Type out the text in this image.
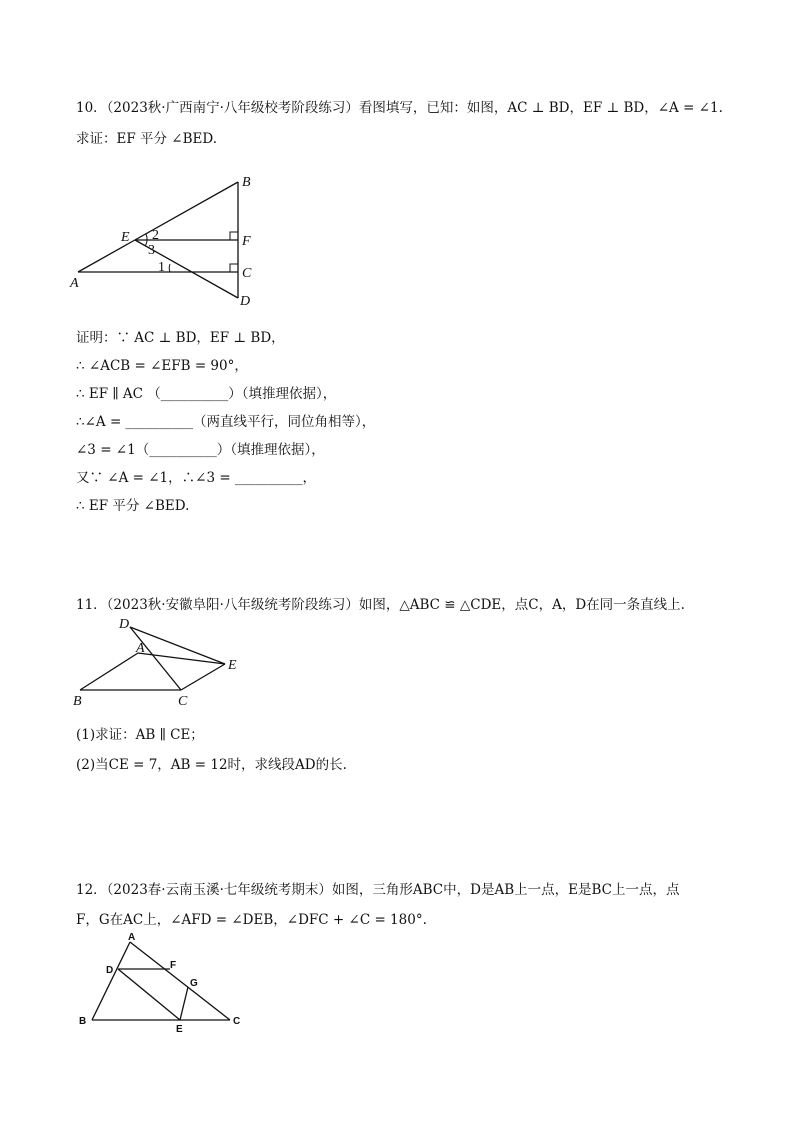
10．（2023秋·广西南宁·八年级校考阶段练习）看图填写，已知：如图，AC ⊥ BD，EF ⊥ BD，∠A = ∠1.
求证：EF 平分 ∠BED.
B
E	F
C
A
D
2
3
1
证明：∵ AC ⊥ BD，EF ⊥ BD，
∴ ∠ACB = ∠EFB = 90°，
∴ EF ∥ AC （__________）（填推理依据），
∴∠A = __________（两直线平行，同位角相等），
∠3 = ∠1（__________）（填推理依据），
又∵ ∠A = ∠1，∴∠3 = __________，
∴ EF 平分 ∠BED.
11．（2023秋·安徽阜阳·八年级统考阶段练习）如图，△ABC ≌ △CDE，点C，A，D在同一条直线上.
D
A
E
B	C
(1)求证：AB ∥ CE；
(2)当CE = 7，AB = 12时，求线段AD的长.
12．（2023春·云南玉溪·七年级统考期末）如图，三角形ABC中，D是AB上一点，E是BC上一点，点
F，G在AC上，∠AFD = ∠DEB，∠DFC + ∠C = 180°.
A
D	F
G
B
E
C
